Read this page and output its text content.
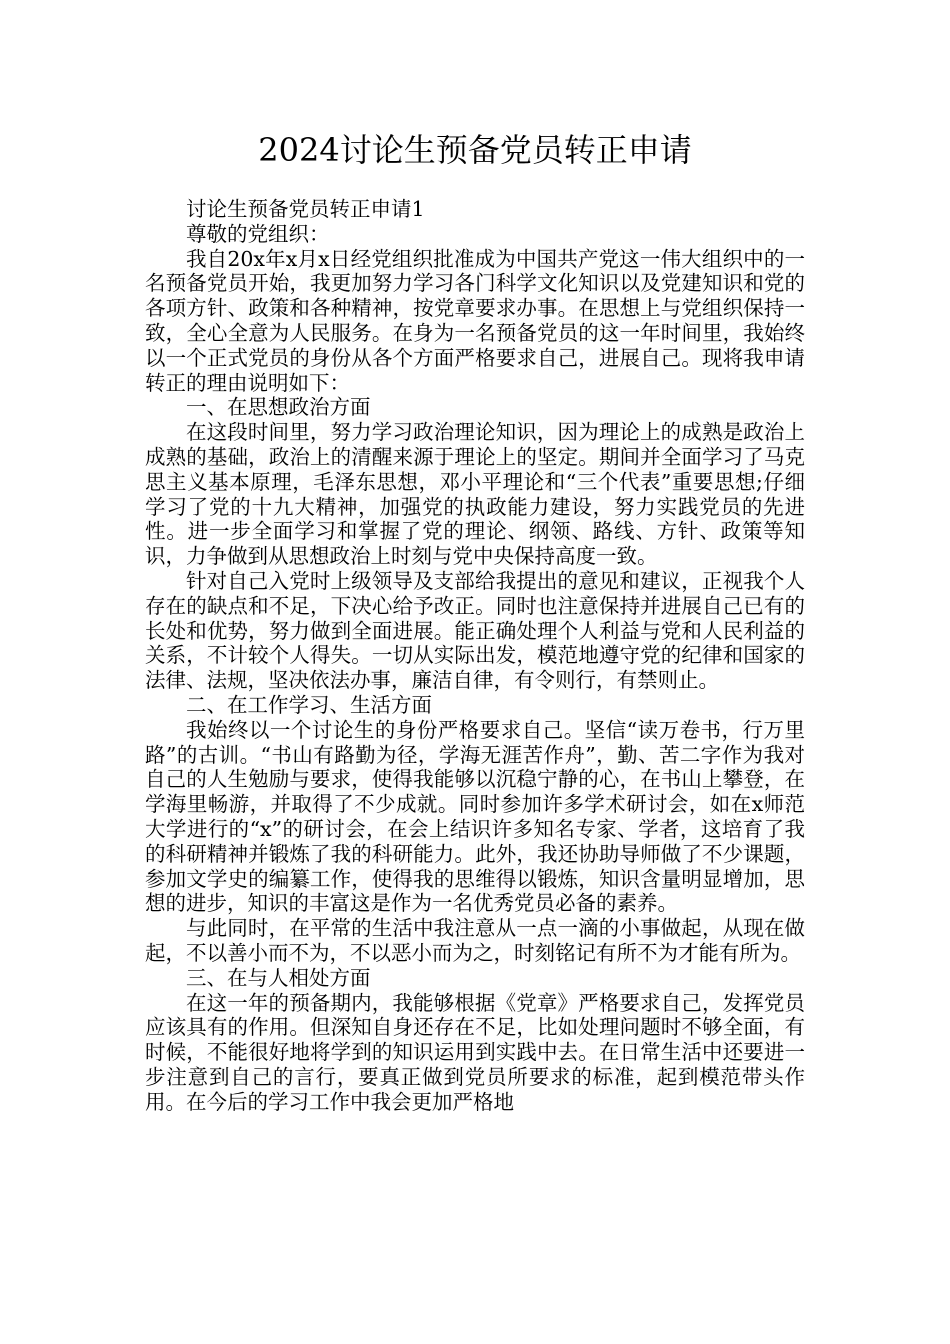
2024讨论生预备党员转正申请

讨论生预备党员转正申请1

尊敬的党组织：

我自20x年x月x日经党组织批准成为中国共产党这一伟大组织中的一名预备党员开始，我更加努力学习各门科学文化知识以及党建知识和党的各项方针、政策和各种精神，按党章要求办事。在思想上与党组织保持一致，全心全意为人民服务。在身为一名预备党员的这一年时间里，我始终以一个正式党员的身份从各个方面严格要求自己，进展自己。现将我申请转正的理由说明如下：

一、在思想政治方面

在这段时间里，努力学习政治理论知识，因为理论上的成熟是政治上成熟的基础，政治上的清醒来源于理论上的坚定。期间并全面学习了马克思主义基本原理，毛泽东思想，邓小平理论和“三个代表”重要思想;仔细学习了党的十九大精神，加强党的执政能力建设，努力实践党员的先进性。进一步全面学习和掌握了党的理论、纲领、路线、方针、政策等知识，力争做到从思想政治上时刻与党中央保持高度一致。

针对自己入党时上级领导及支部给我提出的意见和建议，正视我个人存在的缺点和不足，下决心给予改正。同时也注意保持并进展自己已有的长处和优势，努力做到全面进展。能正确处理个人利益与党和人民利益的关系，不计较个人得失。一切从实际出发，模范地遵守党的纪律和国家的法律、法规，坚决依法办事，廉洁自律，有令则行，有禁则止。

二、在工作学习、生活方面

我始终以一个讨论生的身份严格要求自己。坚信“读万卷书，行万里路”的古训。“书山有路勤为径，学海无涯苦作舟”，勤、苦二字作为我对自己的人生勉励与要求，使得我能够以沉稳宁静的心，在书山上攀登，在学海里畅游，并取得了不少成就。同时参加许多学术研讨会，如在x师范大学进行的“x”的研讨会，在会上结识许多知名专家、学者，这培育了我的科研精神并锻炼了我的科研能力。此外，我还协助导师做了不少课题，参加文学史的编纂工作，使得我的思维得以锻炼，知识含量明显增加，思想的进步，知识的丰富这是作为一名优秀党员必备的素养。

与此同时，在平常的生活中我注意从一点一滴的小事做起，从现在做起，不以善小而不为，不以恶小而为之，时刻铭记有所不为才能有所为。

三、在与人相处方面

在这一年的预备期内，我能够根据《党章》严格要求自己，发挥党员应该具有的作用。但深知自身还存在不足，比如处理问题时不够全面，有时候，不能很好地将学到的知识运用到实践中去。在日常生活中还要进一步注意到自己的言行，要真正做到党员所要求的标准，起到模范带头作用。在今后的学习工作中我会更加严格地
